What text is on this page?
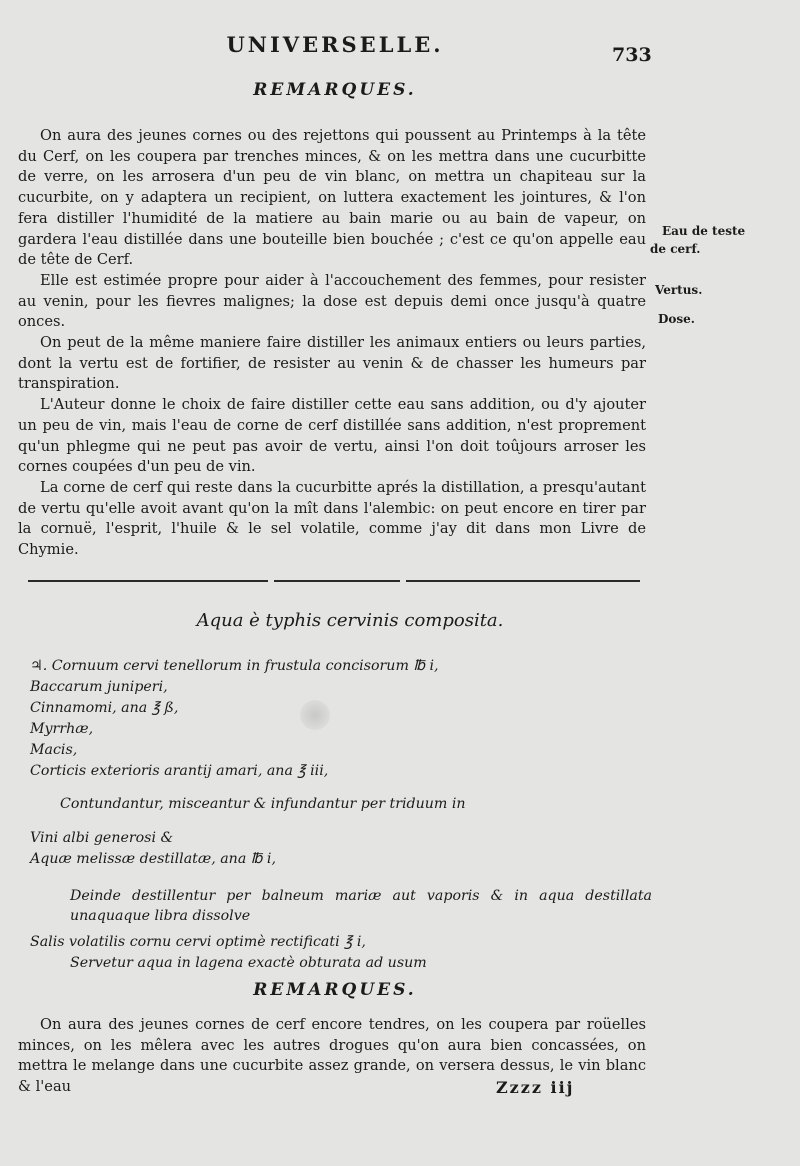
UNIVERSELLE.	733
REMARQUES.

On aura des jeunes cornes ou des rejettons qui poussent au Printemps à la tête du Cerf, on les coupera par trenches minces, & on les mettra dans une cucurbitte de verre, on les arrosera d'un peu de vin blanc, on mettra un chapiteau sur la cucurbite, on y adaptera un recipient, on luttera exactement les jointures, & l'on fera distiller l'humidité de la matiere au bain marie ou au bain de vapeur, on gardera l'eau distillée dans une bouteille bien bouchée ; c'est ce qu'on appelle eau de tête de Cerf.

Elle est estimée propre pour aider à l'accouchement des femmes, pour resister au venin, pour les fievres malignes; la dose est depuis demi once jusqu'à quatre onces.

On peut de la même maniere faire distiller les animaux entiers ou leurs parties, dont la vertu est de fortifier, de resister au venin & de chasser les humeurs par transpiration.

L'Auteur donne le choix de faire distiller cette eau sans addition, ou d'y ajouter un peu de vin, mais l'eau de corne de cerf distillée sans addition, n'est proprement qu'un phlegme qui ne peut pas avoir de vertu, ainsi l'on doit toûjours arroser les cornes coupées d'un peu de vin.

La corne de cerf qui reste dans la cucurbitte aprés la distillation, a presqu'autant de vertu qu'elle avoit avant qu'on la mît dans l'alembic: on peut encore en tirer par la cornuë, l'esprit, l'huile & le sel volatile, comme j'ay dit dans mon Livre de Chymie.

Eau de teste
de cerf.
Vertus.
Dose.
Aqua è typhis cervinis composita.
♃. Cornuum cervi tenellorum in frustula concisorum ℔ i,
Baccarum juniperi,
Cinnamomi, ana ℥ ß,
Myrrhæ,
Macis,
Corticis exterioris arantij amari, ana ℥ iii,
Contundantur, misceantur & infundantur per triduum in
Vini albi generosi &
Aquæ melissæ destillatæ, ana ℔ i,
Deinde destillentur per balneum mariæ aut vaporis & in aqua destillata unaquaque libra dissolve
Salis volatilis cornu cervi optimè rectificati ℥ i,
Servetur aqua in lagena exactè obturata ad usum
REMARQUES.

On aura des jeunes cornes de cerf encore tendres, on les coupera par roüelles minces, on les mêlera avec les autres drogues qu'on aura bien concassées, on mettra le melange dans une cucurbite assez grande, on versera dessus, le vin blanc & l'eau	Zzzz iij
